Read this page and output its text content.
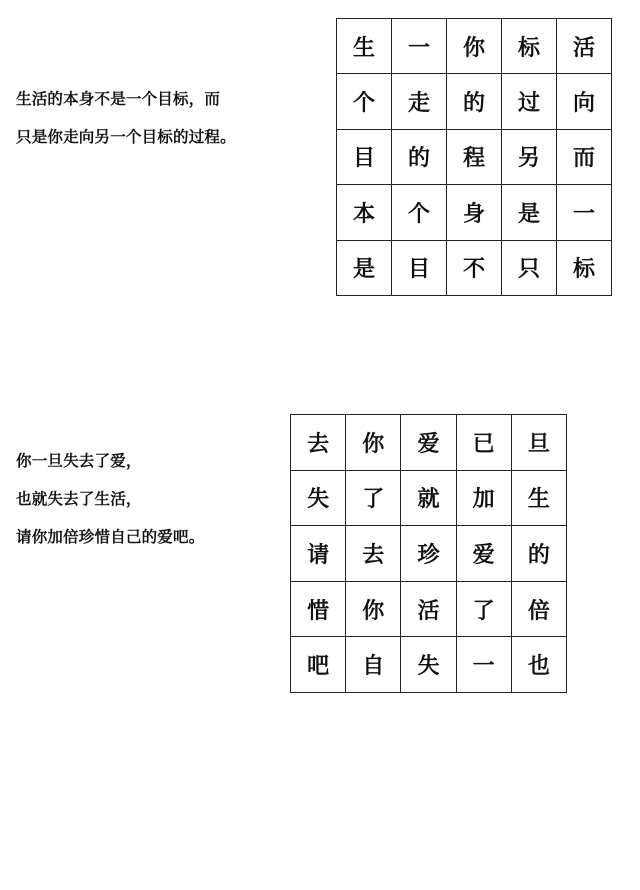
生活的本身不是一个目标，而
只是你走向另一个目标的过程。
生	一	你	标	活
个	走	的	过	向
目	的	程	另	而
本	个	身	是	一
是	目	不	只	标
你一旦失去了爱，
也就失去了生活，
请你加倍珍惜自己的爱吧。
去	你	爱	已	旦
失	了	就	加	生
请	去	珍	爱	的
惜	你	活	了	倍
吧	自	失	一	也
